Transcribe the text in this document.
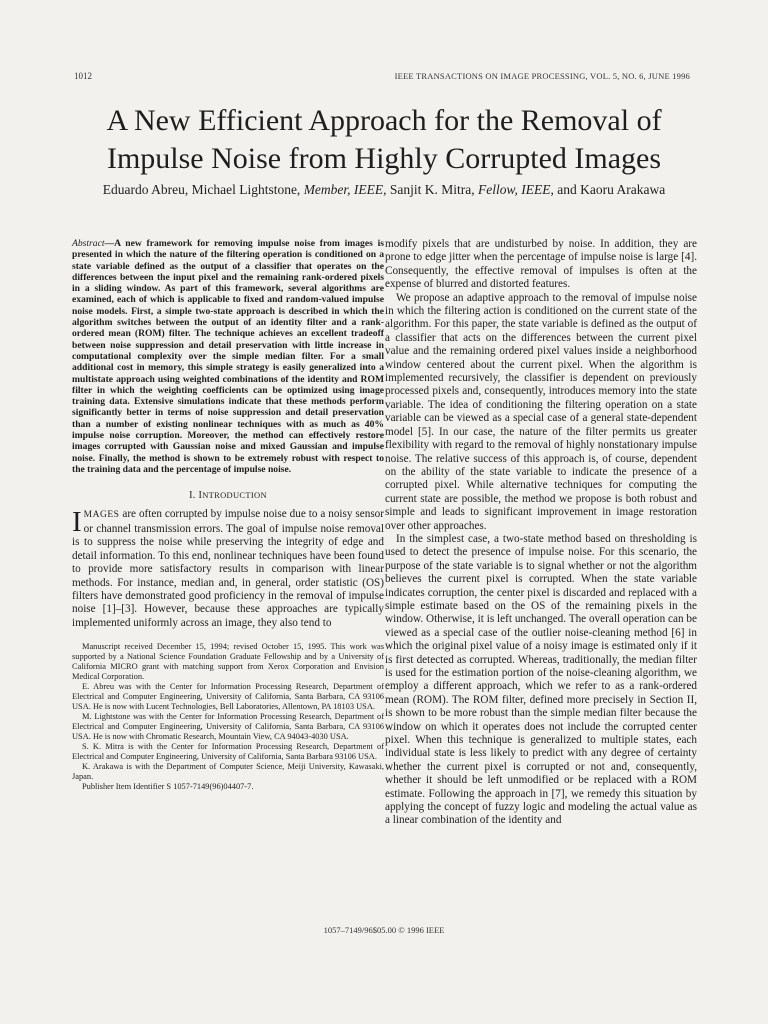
1012	IEEE TRANSACTIONS ON IMAGE PROCESSING, VOL. 5, NO. 6, JUNE 1996
A New Efficient Approach for the Removal of
Impulse Noise from Highly Corrupted Images

Eduardo Abreu, Michael Lightstone, Member, IEEE, Sanjit K. Mitra, Fellow, IEEE, and Kaoru Arakawa

Abstract—A new framework for removing impulse noise from images is presented in which the nature of the filtering operation is conditioned on a state variable defined as the output of a classifier that operates on the differences between the input pixel and the remaining rank-ordered pixels in a sliding window. As part of this framework, several algorithms are examined, each of which is applicable to fixed and random-valued impulse noise models. First, a simple two-state approach is described in which the algorithm switches between the output of an identity filter and a rank-ordered mean (ROM) filter. The technique achieves an excellent tradeoff between noise suppression and detail preservation with little increase in computational complexity over the simple median filter. For a small additional cost in memory, this simple strategy is easily generalized into a multistate approach using weighted combinations of the identity and ROM filter in which the weighting coefficients can be optimized using image training data. Extensive simulations indicate that these methods perform significantly better in terms of noise suppression and detail preservation than a number of existing nonlinear techniques with as much as 40% impulse noise corruption. Moreover, the method can effectively restore images corrupted with Gaussian noise and mixed Gaussian and impulse noise. Finally, the method is shown to be extremely robust with respect to the training data and the percentage of impulse noise.

I. INTRODUCTION

IMAGES are often corrupted by impulse noise due to a noisy sensor or channel transmission errors. The goal of impulse noise removal is to suppress the noise while preserving the integrity of edge and detail information. To this end, nonlinear techniques have been found to provide more satisfactory results in comparison with linear methods. For instance, median and, in general, order statistic (OS) filters have demonstrated good proficiency in the removal of impulse noise [1]–[3]. However, because these approaches are typically implemented uniformly across an image, they also tend to

Manuscript received December 15, 1994; revised October 15, 1995. This work was supported by a National Science Foundation Graduate Fellowship and by a University of California MICRO grant with matching support from Xerox Corporation and Envision Medical Corporation.

E. Abreu was with the Center for Information Processing Research, Department of Electrical and Computer Engineering, University of California, Santa Barbara, CA 93106 USA. He is now with Lucent Technologies, Bell Laboratories, Allentown, PA 18103 USA.

M. Lightstone was with the Center for Information Processing Research, Department of Electrical and Computer Engineering, University of California, Santa Barbara, CA 93106 USA. He is now with Chromatic Research, Mountain View, CA 94043-4030 USA.

S. K. Mitra is with the Center for Information Processing Research, Department of Electrical and Computer Engineering, University of California, Santa Barbara 93106 USA.

K. Arakawa is with the Department of Computer Science, Meiji University, Kawasaki, Japan.

Publisher Item Identifier S 1057-7149(96)04407-7.

modify pixels that are undisturbed by noise. In addition, they are prone to edge jitter when the percentage of impulse noise is large [4]. Consequently, the effective removal of impulses is often at the expense of blurred and distorted features.

We propose an adaptive approach to the removal of impulse noise in which the filtering action is conditioned on the current state of the algorithm. For this paper, the state variable is defined as the output of a classifier that acts on the differences between the current pixel value and the remaining ordered pixel values inside a neighborhood window centered about the current pixel. When the algorithm is implemented recursively, the classifier is dependent on previously processed pixels and, consequently, introduces memory into the state variable. The idea of conditioning the filtering operation on a state variable can be viewed as a special case of a general state-dependent model [5]. In our case, the nature of the filter permits us greater flexibility with regard to the removal of highly nonstationary impulse noise. The relative success of this approach is, of course, dependent on the ability of the state variable to indicate the presence of a corrupted pixel. While alternative techniques for computing the current state are possible, the method we propose is both robust and simple and leads to significant improvement in image restoration over other approaches.

In the simplest case, a two-state method based on thresholding is used to detect the presence of impulse noise. For this scenario, the purpose of the state variable is to signal whether or not the algorithm believes the current pixel is corrupted. When the state variable indicates corruption, the center pixel is discarded and replaced with a simple estimate based on the OS of the remaining pixels in the window. Otherwise, it is left unchanged. The overall operation can be viewed as a special case of the outlier noise-cleaning method [6] in which the original pixel value of a noisy image is estimated only if it is first detected as corrupted. Whereas, traditionally, the median filter is used for the estimation portion of the noise-cleaning algorithm, we employ a different approach, which we refer to as a rank-ordered mean (ROM). The ROM filter, defined more precisely in Section II, is shown to be more robust than the simple median filter because the window on which it operates does not include the corrupted center pixel. When this technique is generalized to multiple states, each individual state is less likely to predict with any degree of certainty whether the current pixel is corrupted or not and, consequently, whether it should be left unmodified or be replaced with a ROM estimate. Following the approach in [7], we remedy this situation by applying the concept of fuzzy logic and modeling the actual value as a linear combination of the identity and

1057–7149/96$05.00 © 1996 IEEE
